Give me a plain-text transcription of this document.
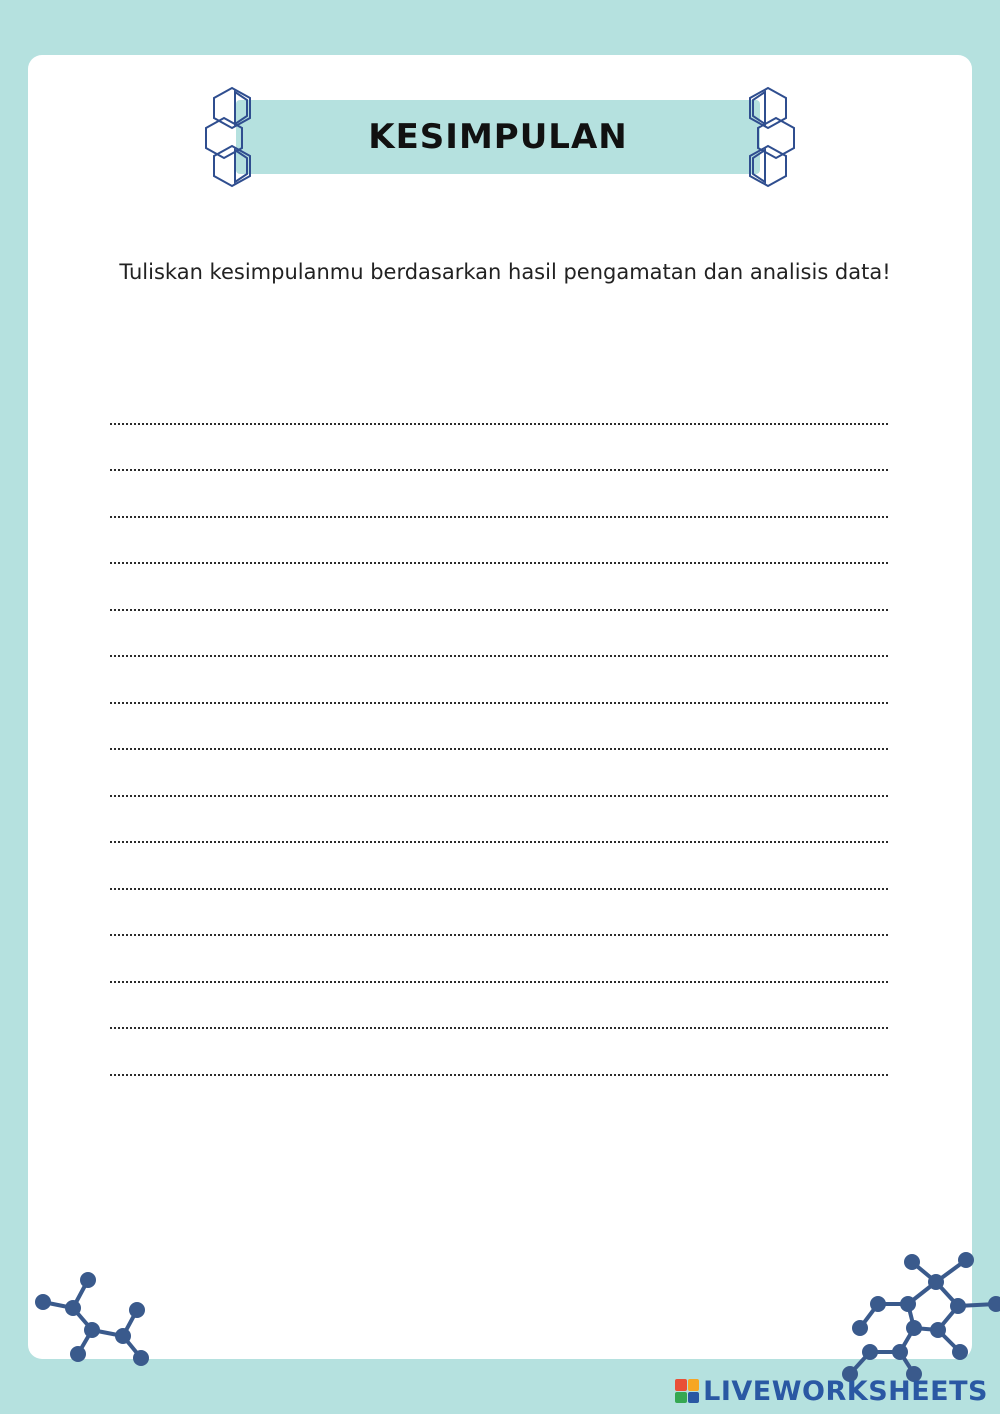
KESIMPULAN

Tuliskan kesimpulanmu berdasarkan hasil pengamatan dan analisis data!

LIVEWORKSHEETS
